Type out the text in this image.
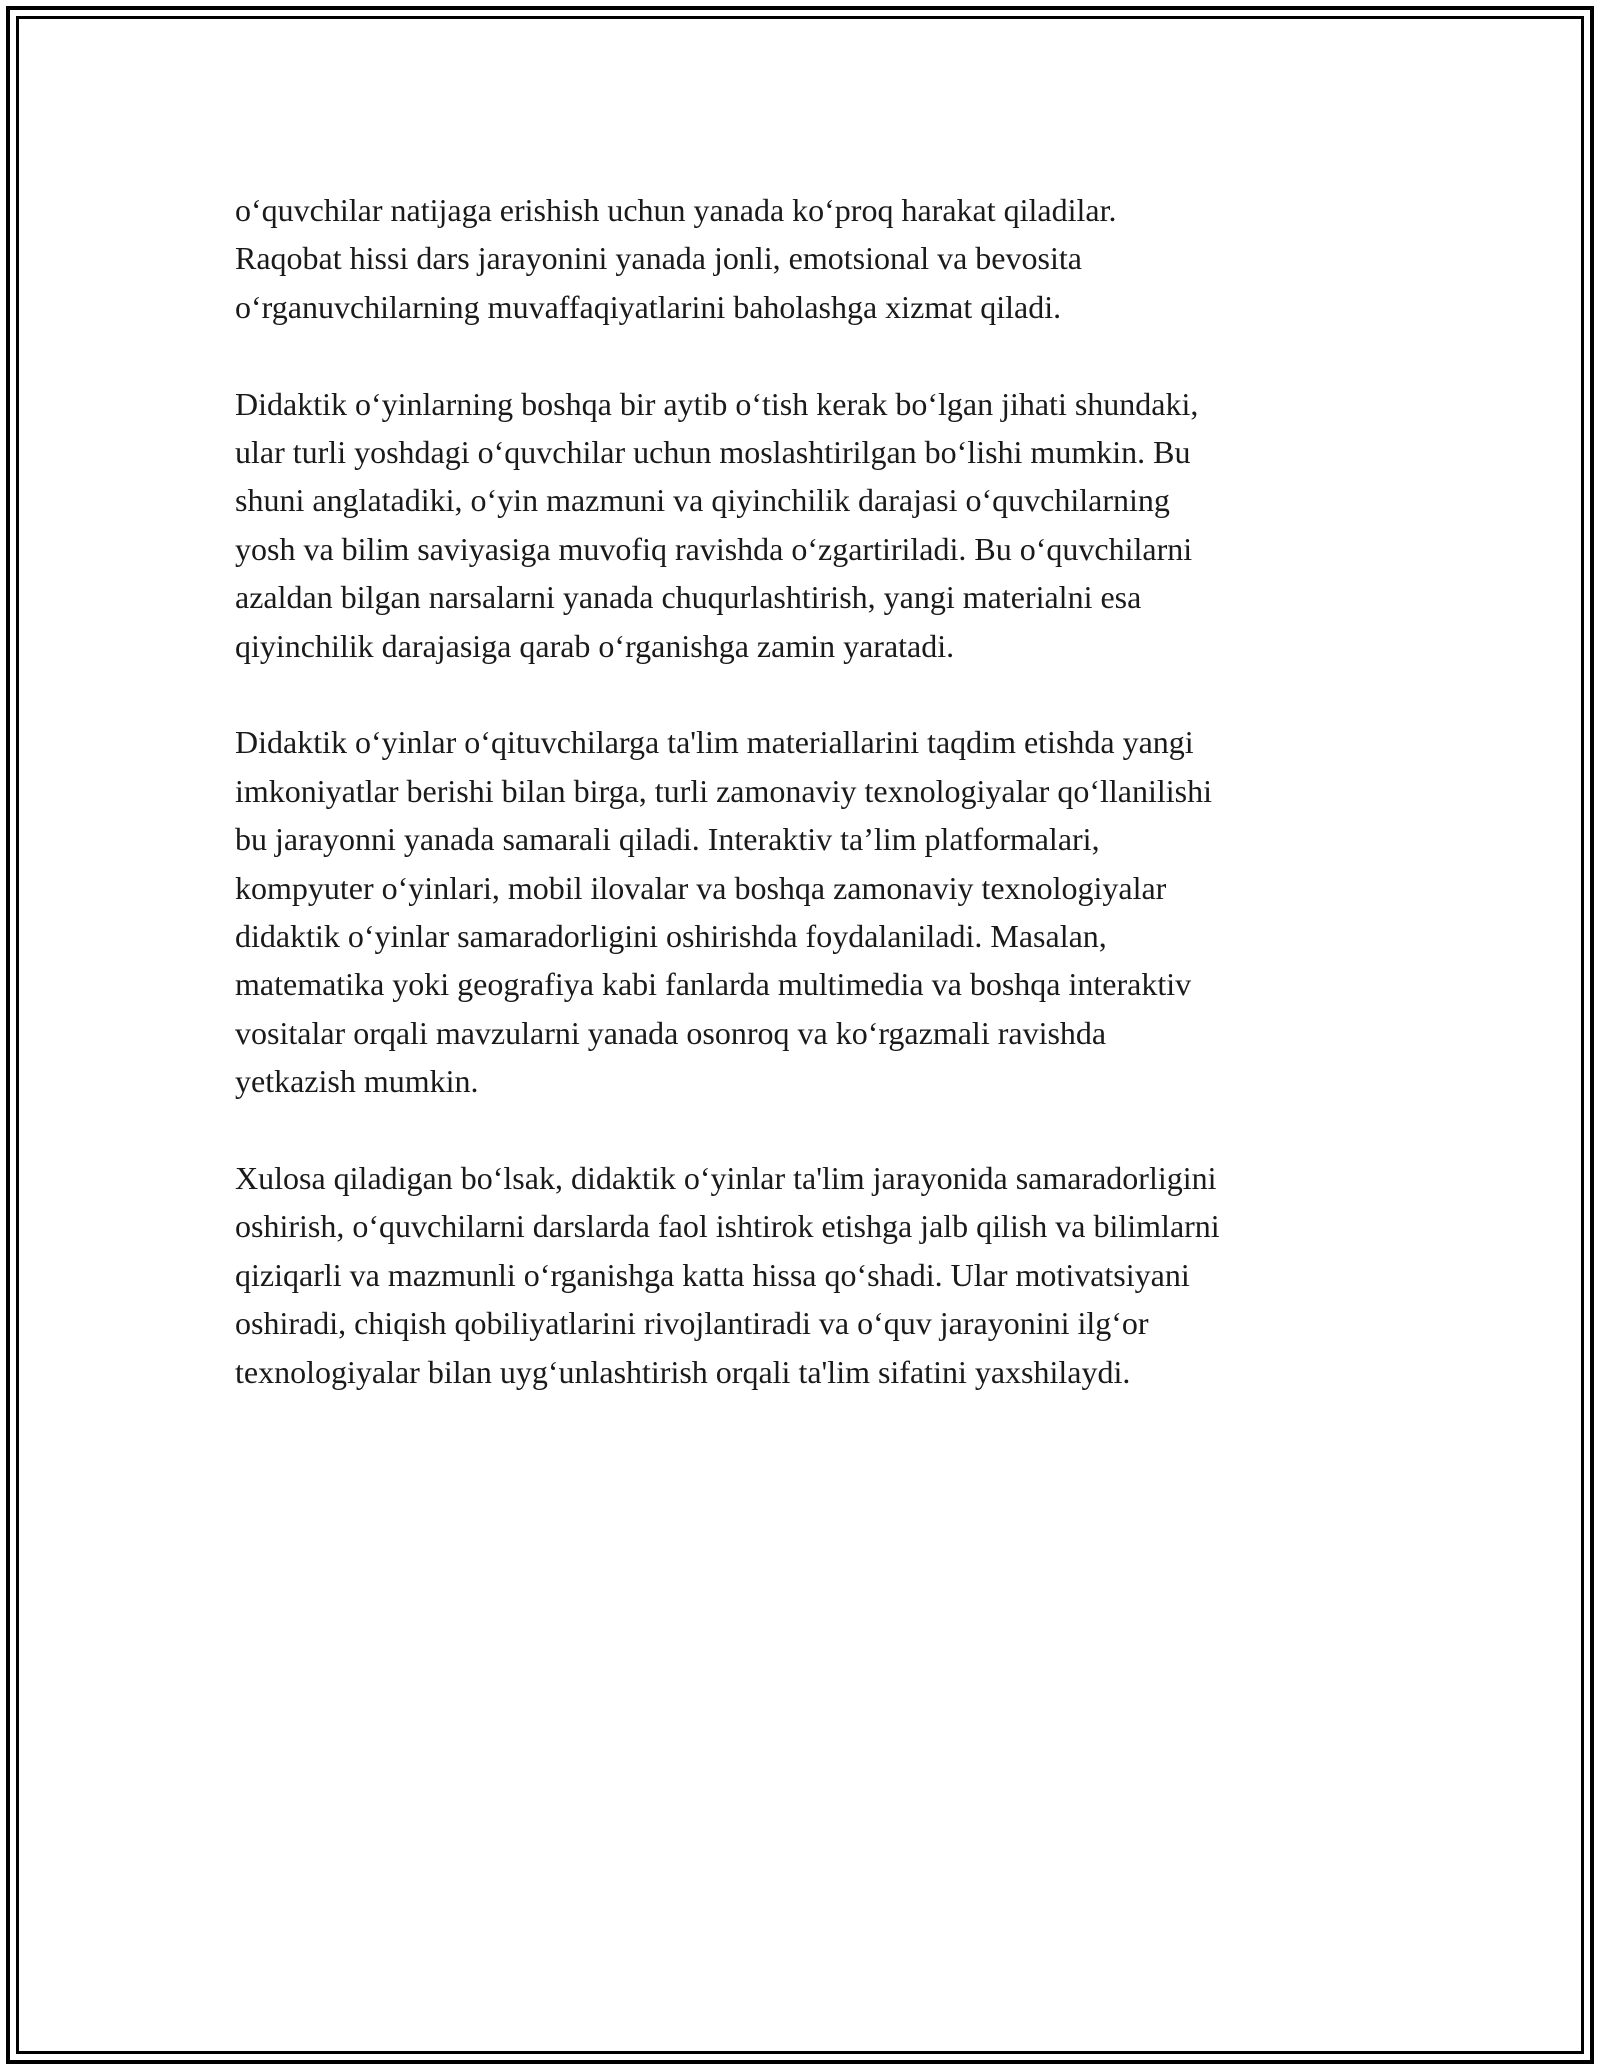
o‘quvchilar natijaga erishish uchun yanada ko‘proq harakat qiladilar.
Raqobat hissi dars jarayonini yanada jonli, emotsional va bevosita
o‘rganuvchilarning muvaffaqiyatlarini baholashga xizmat qiladi.

Didaktik o‘yinlarning boshqa bir aytib o‘tish kerak bo‘lgan jihati shundaki,
ular turli yoshdagi o‘quvchilar uchun moslashtirilgan bo‘lishi mumkin. Bu
shuni anglatadiki, o‘yin mazmuni va qiyinchilik darajasi o‘quvchilarning
yosh va bilim saviyasiga muvofiq ravishda o‘zgartiriladi. Bu o‘quvchilarni
azaldan bilgan narsalarni yanada chuqurlashtirish, yangi materialni esa
qiyinchilik darajasiga qarab o‘rganishga zamin yaratadi.

Didaktik o‘yinlar o‘qituvchilarga ta'lim materiallarini taqdim etishda yangi
imkoniyatlar berishi bilan birga, turli zamonaviy texnologiyalar qo‘llanilishi
bu jarayonni yanada samarali qiladi. Interaktiv ta’lim platformalari,
kompyuter o‘yinlari, mobil ilovalar va boshqa zamonaviy texnologiyalar
didaktik o‘yinlar samaradorligini oshirishda foydalaniladi. Masalan,
matematika yoki geografiya kabi fanlarda multimedia va boshqa interaktiv
vositalar orqali mavzularni yanada osonroq va ko‘rgazmali ravishda
yetkazish mumkin.

Xulosa qiladigan bo‘lsak, didaktik o‘yinlar ta'lim jarayonida samaradorligini
oshirish, o‘quvchilarni darslarda faol ishtirok etishga jalb qilish va bilimlarni
qiziqarli va mazmunli o‘rganishga katta hissa qo‘shadi. Ular motivatsiyani
oshiradi, chiqish qobiliyatlarini rivojlantiradi va o‘quv jarayonini ilg‘or
texnologiyalar bilan uyg‘unlashtirish orqali ta'lim sifatini yaxshilaydi.
